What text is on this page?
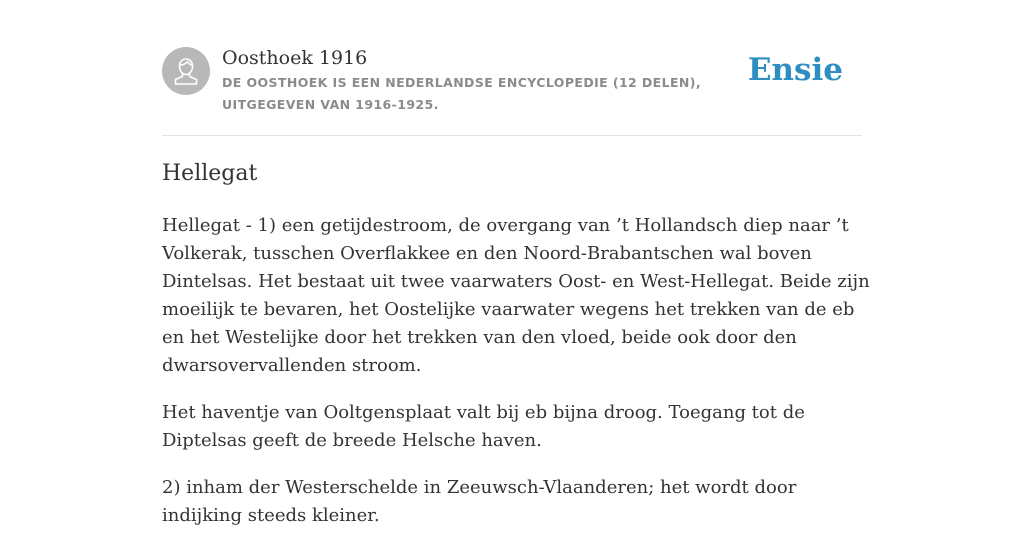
Oosthoek 1916
DE OOSTHOEK IS EEN NEDERLANDSE ENCYCLOPEDIE (12 DELEN), UITGEGEVEN VAN 1916-1925.
Ensie
Hellegat

Hellegat - 1) een getijdestroom, de overgang van ’t Hollandsch diep naar ’t Volkerak, tusschen Overflakkee en den Noord-Brabantschen wal boven Dintelsas. Het bestaat uit twee vaarwaters Oost- en West-Hellegat. Beide zijn moeilijk te bevaren, het Oostelijke vaarwater wegens het trekken van de eb en het Westelijke door het trekken van den vloed, beide ook door den dwarsovervallenden stroom.

Het haventje van Ooltgensplaat valt bij eb bijna droog. Toegang tot de Diptelsas geeft de breede Helsche haven.

2) inham der Westerschelde in Zeeuwsch-Vlaanderen; het wordt door indijking steeds kleiner.
